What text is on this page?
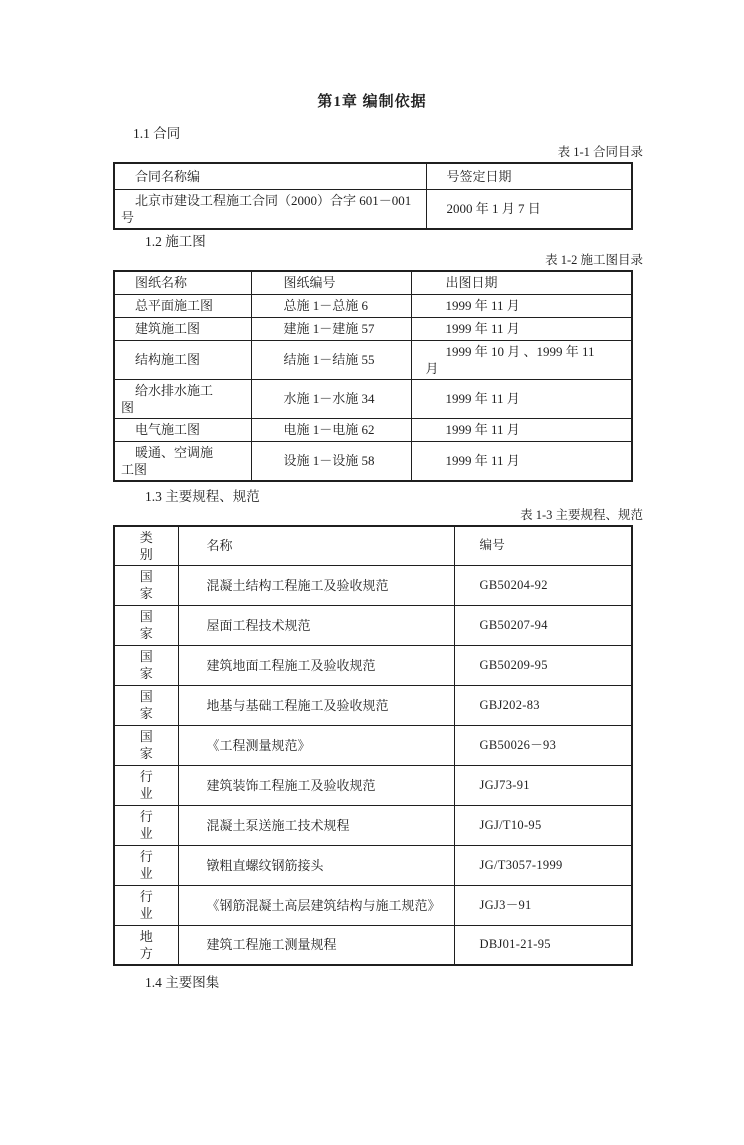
第1章 编制依据
1.1 合同
表 1-1 合同目录
合同名称编	号签定日期
北京市建设工程施工合同（2000）合字 601－001 号	2000 年 1 月 7 日
1.2 施工图
表 1-2 施工图目录
图纸名称	图纸编号	出图日期
总平面施工图	总施 1－总施 6	1999 年 11 月
建筑施工图	建施 1－建施 57	1999 年 11 月
结构施工图	结施 1－结施 55	1999 年 10 月 、1999 年 11 月
给水排水施工图	水施 1－水施 34	1999 年 11 月
电气施工图	电施 1－电施 62	1999 年 11 月
暖通、空调施工图	设施 1－设施 58	1999 年 11 月
1.3 主要规程、规范
表 1-3 主要规程、规范
类别	名称	编号
国家	混凝土结构工程施工及验收规范	GB50204-92
国家	屋面工程技术规范	GB50207-94
国家	建筑地面工程施工及验收规范	GB50209-95
国家	地基与基础工程施工及验收规范	GBJ202-83
国家	《工程测量规范》	GB50026－93
行业	建筑装饰工程施工及验收规范	JGJ73-91
行业	混凝土泵送施工技术规程	JGJ/T10-95
行业	镦粗直螺纹钢筋接头	JG/T3057-1999
行业	《钢筋混凝土高层建筑结构与施工规范》	JGJ3－91
地方	建筑工程施工测量规程	DBJ01-21-95
1.4 主要图集
